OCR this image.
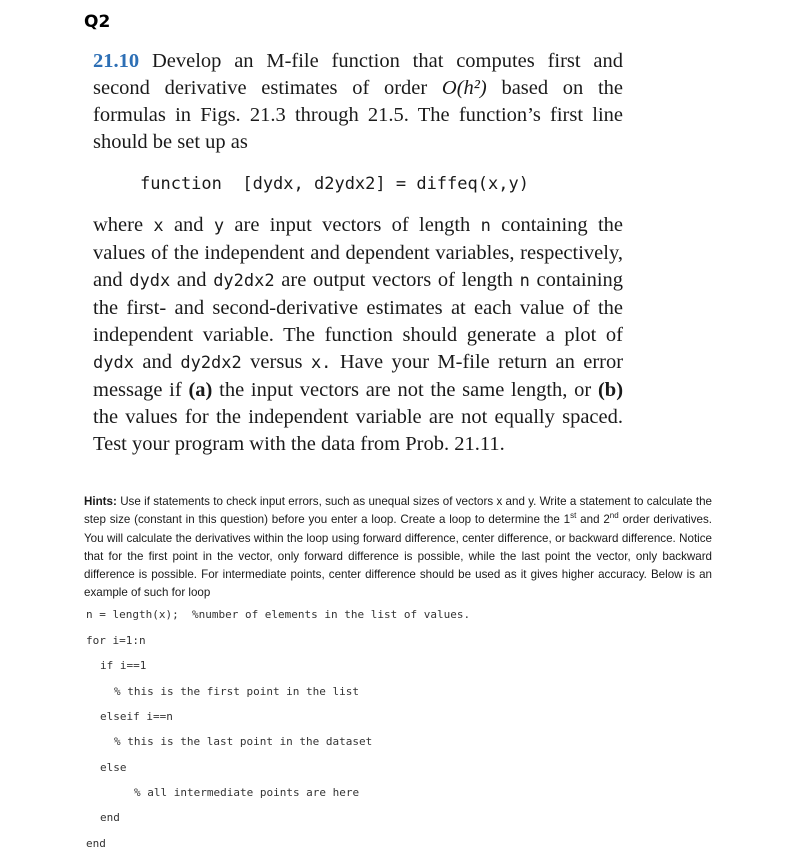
Q2

21.10 Develop an M-file function that computes first and second derivative estimates of order O(h²) based on the formulas in Figs. 21.3 through 21.5. The function’s first line should be set up as

function  [dydx, d2ydx2] = diffeq(x,y)

where x and y are input vectors of length n containing the values of the independent and dependent variables, respectively, and dydx and dy2dx2 are output vectors of length n containing the first- and second-derivative estimates at each value of the independent variable. The function should generate a plot of dydx and dy2dx2 versus x. Have your M-file return an error message if (a) the input vectors are not the same length, or (b) the values for the independent variable are not equally spaced. Test your program with the data from Prob. 21.11.

Hints: Use if statements to check input errors, such as unequal sizes of vectors x and y. Write a statement to calculate the step size (constant in this question) before you enter a loop. Create a loop to determine the 1st and 2nd order derivatives. You will calculate the derivatives within the loop using forward difference, center difference, or backward difference. Notice that for the first point in the vector, only forward difference is possible, while the last point the vector, only backward difference is possible. For intermediate points, center difference should be used as it gives higher accuracy. Below is an example of such for loop
n = length(x);  %number of elements in the list of values.
for i=1:n
if i==1
% this is the first point in the list
elseif i==n
% this is the last point in the dataset
else
% all intermediate points are here
end
end
